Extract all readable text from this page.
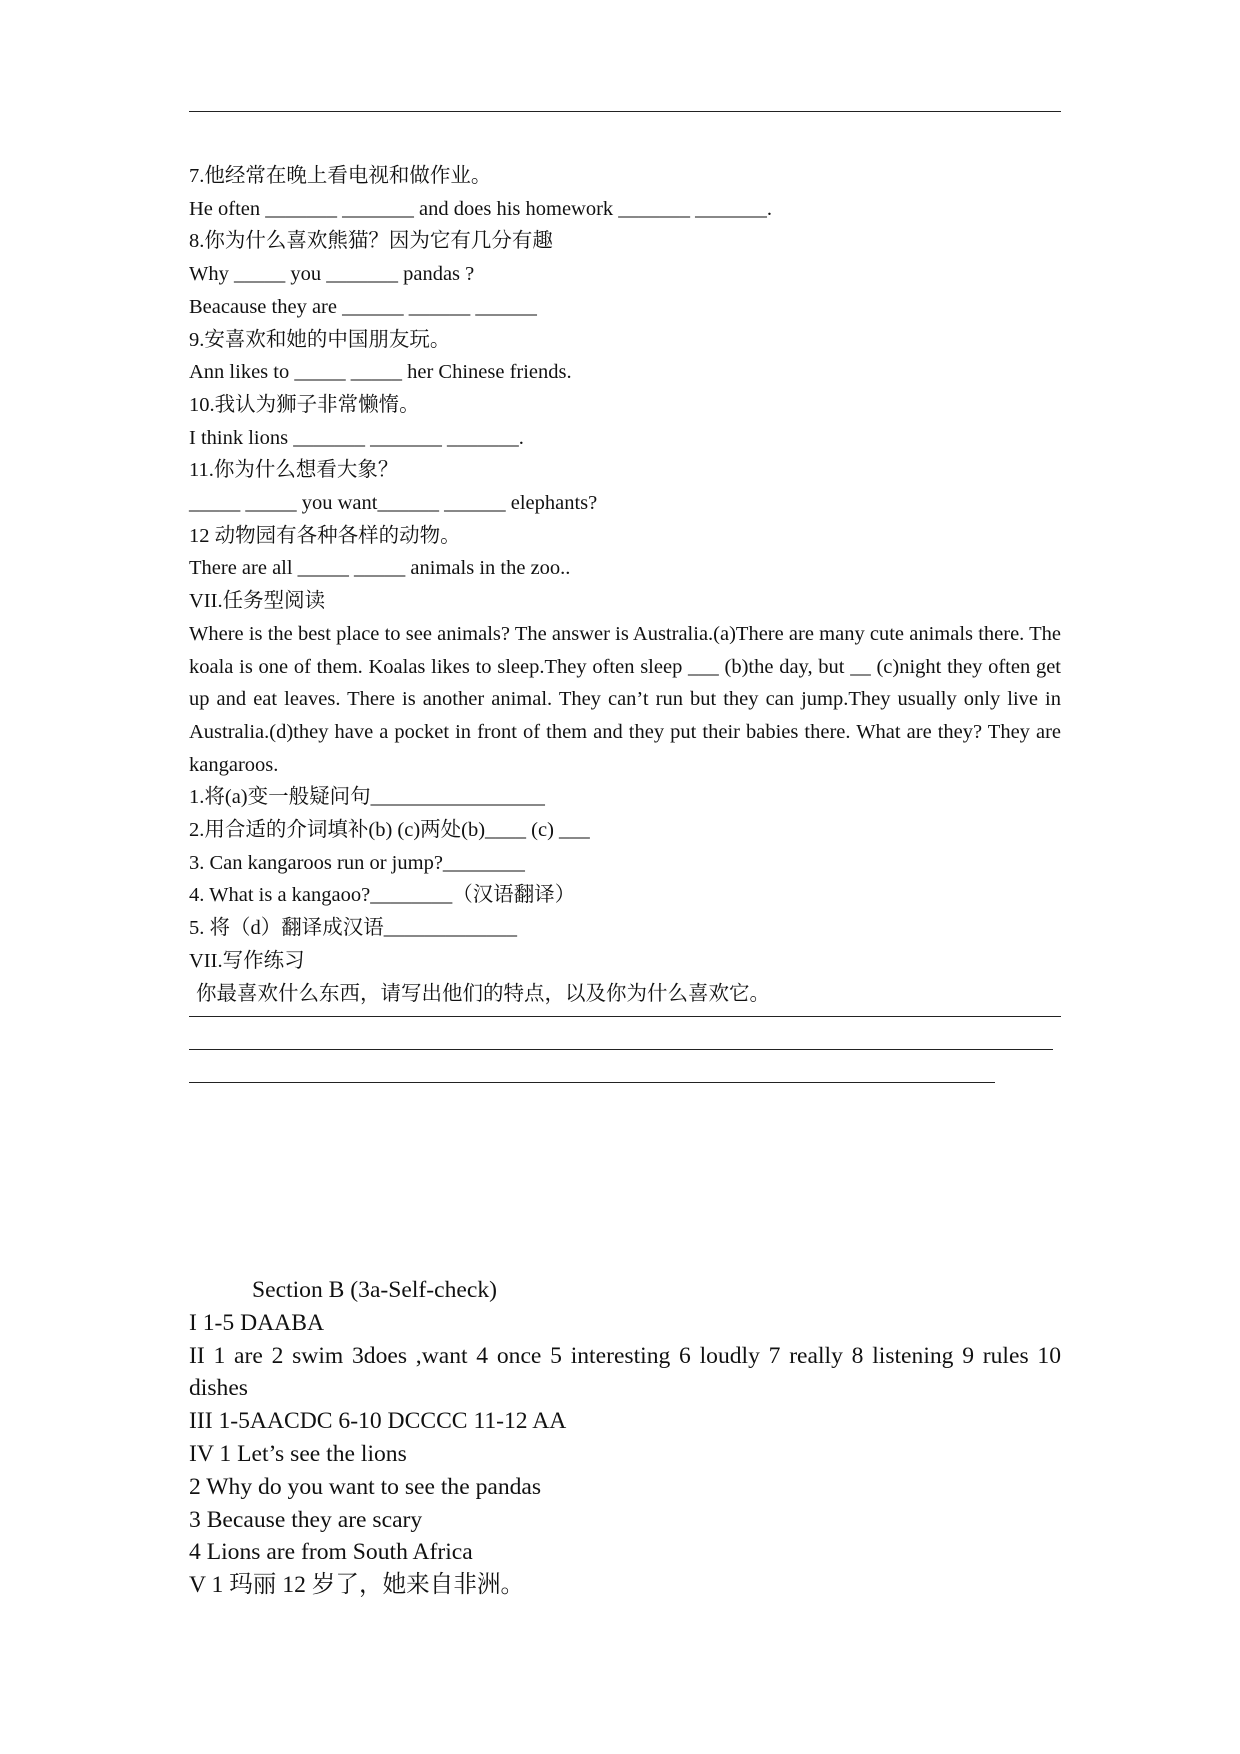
7.他经常在晚上看电视和做作业。
He often _______ _______ and does his homework _______ _______.
8.你为什么喜欢熊猫？因为它有几分有趣
Why _____ you _______ pandas ?
Beacause they are ______ ______ ______
9.安喜欢和她的中国朋友玩。
Ann likes to _____ _____ her Chinese friends.
10.我认为狮子非常懒惰。
I think lions _______ _______ _______.
11.你为什么想看大象？
_____ _____ you want______ ______ elephants?
12 动物园有各种各样的动物。
There are all _____ _____ animals in the zoo..
VII.任务型阅读
Where is the best place to see animals? The answer is Australia.(a)There are many cute animals there. The koala is one of them. Koalas likes to sleep.They often sleep ___ (b)the day, but __ (c)night they often get up and eat leaves. There is another animal. They can’t run but they can jump.They usually only live in Australia.(d)they have a pocket in front of them and they put their babies there. What are they? They are kangaroos.
1.将(a)变一般疑问句_________________
2.用合适的介词填补(b) (c)两处(b)____ (c) ___
3. Can kangaroos run or jump?________
4. What is a kangaoo?________（汉语翻译）
5. 将（d）翻译成汉语_____________
VII.写作练习
你最喜欢什么东西，请写出他们的特点，以及你为什么喜欢它。
Section B (3a-Self-check)
I 1-5 DAABA
II 1 are 2 swim 3does ,want 4 once 5 interesting 6 loudly 7 really 8 listening 9 rules 10 dishes
III 1-5AACDC 6-10 DCCCC 11-12 AA
IV 1 Let’s see the lions
2 Why do you want to see the pandas
3 Because they are scary
4 Lions are from South Africa
V 1 玛丽 12 岁了，她来自非洲。
